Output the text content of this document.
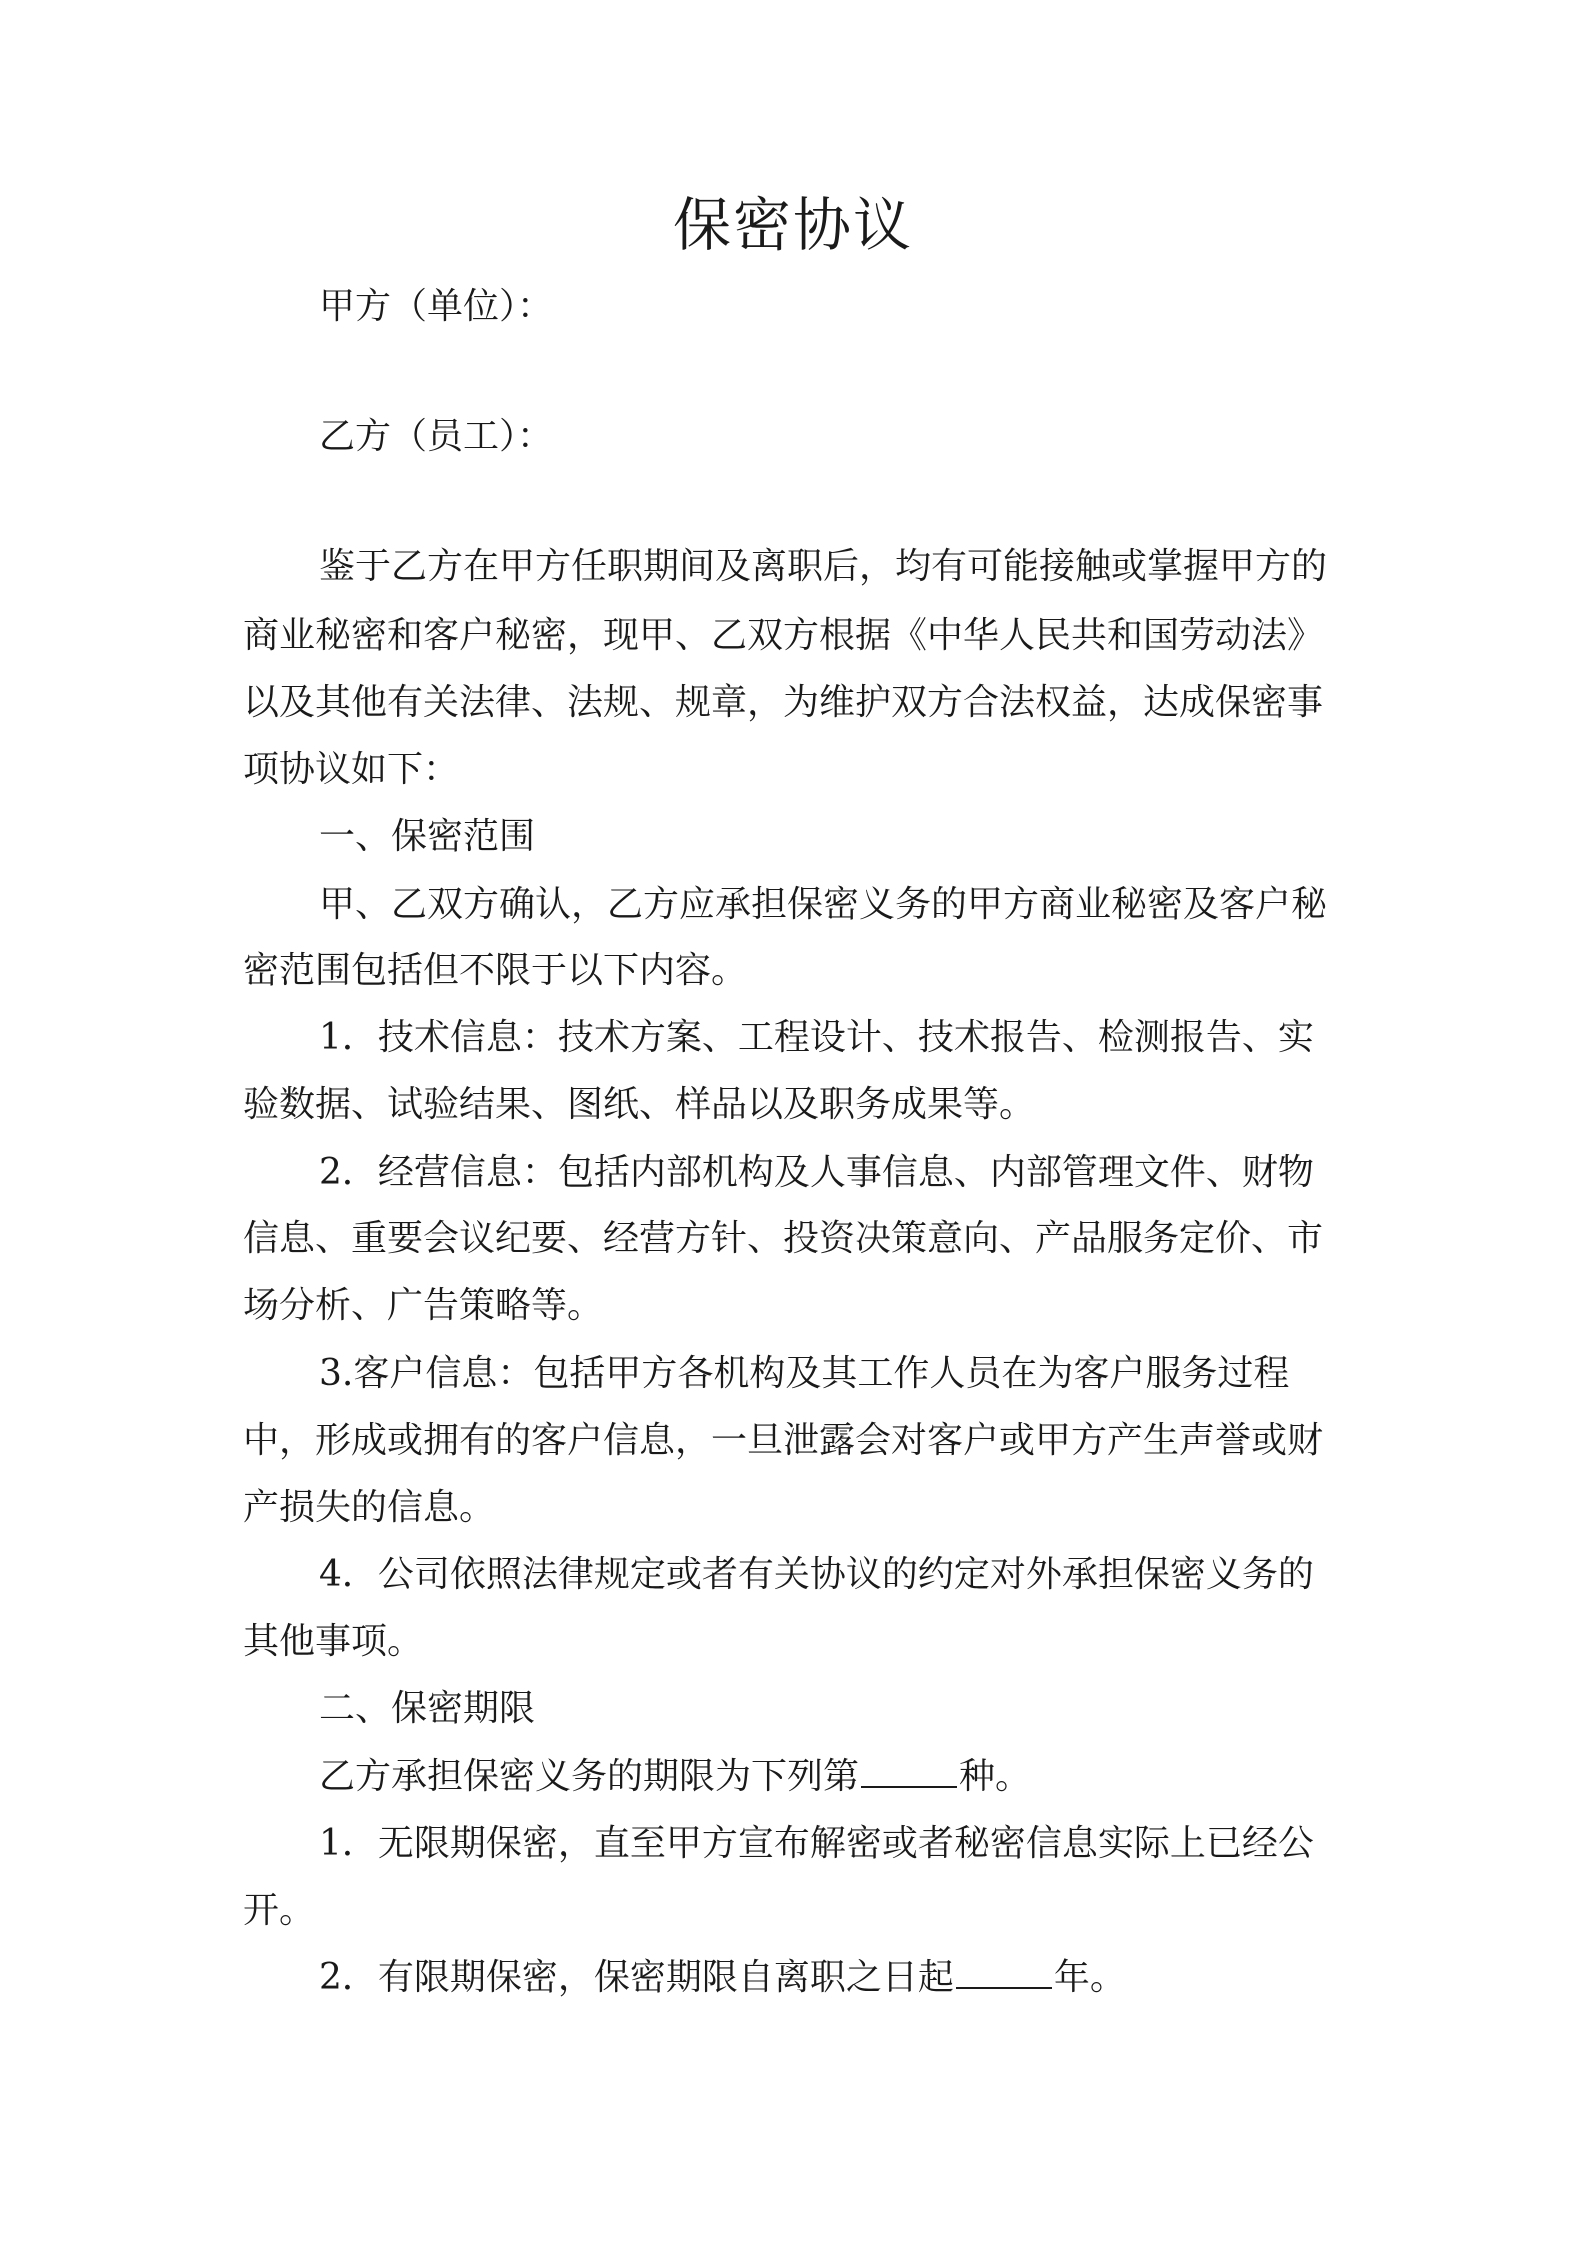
保密协议

甲方（单位）：

乙方（员工）：

鉴于乙方在甲方任职期间及离职后，均有可能接触或掌握甲方的

商业秘密和客户秘密，现甲、乙双方根据《中华人民共和国劳动法》

以及其他有关法律、法规、规章，为维护双方合法权益，达成保密事

项协议如下：

一、保密范围

甲、乙双方确认，乙方应承担保密义务的甲方商业秘密及客户秘

密范围包括但不限于以下内容。

1．技术信息：技术方案、工程设计、技术报告、检测报告、实

验数据、试验结果、图纸、样品以及职务成果等。

2．经营信息：包括内部机构及人事信息、内部管理文件、财物

信息、重要会议纪要、经营方针、投资决策意向、产品服务定价、市

场分析、广告策略等。

3.客户信息：包括甲方各机构及其工作人员在为客户服务过程

中，形成或拥有的客户信息，一旦泄露会对客户或甲方产生声誉或财

产损失的信息。

4．公司依照法律规定或者有关协议的约定对外承担保密义务的

其他事项。

二、保密期限

乙方承担保密义务的期限为下列第	种。

1．无限期保密，直至甲方宣布解密或者秘密信息实际上已经公

开。

2．有限期保密，保密期限自离职之日起	年。
